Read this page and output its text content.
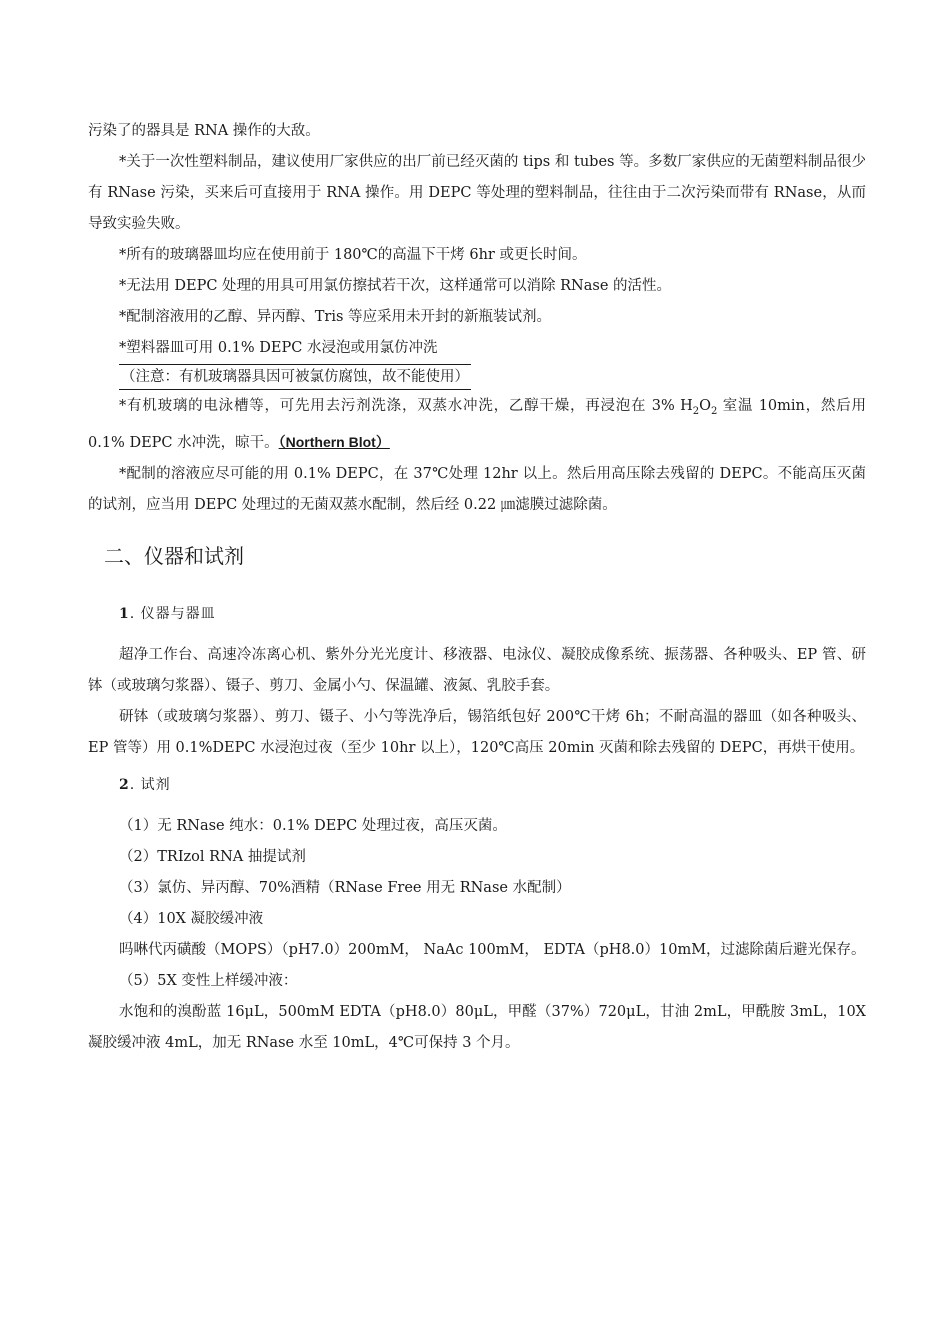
污染了的器具是 RNA 操作的大敌。

*关于一次性塑料制品，建议使用厂家供应的出厂前已经灭菌的 tips 和 tubes 等。多数厂家供应的无菌塑料制品很少有 RNase 污染，买来后可直接用于 RNA 操作。用 DEPC 等处理的塑料制品，往往由于二次污染而带有 RNase，从而导致实验失败。

*所有的玻璃器皿均应在使用前于 180℃的高温下干烤 6hr 或更长时间。

*无法用 DEPC 处理的用具可用氯仿擦拭若干次，这样通常可以消除 RNase 的活性。

*配制溶液用的乙醇、异丙醇、Tris 等应采用未开封的新瓶装试剂。

*塑料器皿可用 0.1% DEPC 水浸泡或用氯仿冲洗

（注意：有机玻璃器具因可被氯仿腐蚀，故不能使用）

*有机玻璃的电泳槽等，可先用去污剂洗涤，双蒸水冲洗，乙醇干燥，再浸泡在 3% $H_2O_2$ 室温 10min，然后用 0.1% DEPC 水冲洗，晾干。（Northern Blot）

*配制的溶液应尽可能的用 0.1% DEPC，在 37℃处理 12hr 以上。然后用高压除去残留的 DEPC。不能高压灭菌的试剂，应当用 DEPC 处理过的无菌双蒸水配制，然后经 0.22 ㎛滤膜过滤除菌。

二、仪器和试剂
1. 仪器与器皿

超净工作台、高速冷冻离心机、紫外分光光度计、移液器、电泳仪、凝胶成像系统、振荡器、各种吸头、EP 管、研钵（或玻璃匀浆器）、镊子、剪刀、金属小勺、保温罐、液氮、乳胶手套。

研钵（或玻璃匀浆器）、剪刀、镊子、小勺等洗净后，锡箔纸包好 200℃干烤 6h；不耐高温的器皿（如各种吸头、EP 管等）用 0.1%DEPC 水浸泡过夜（至少 10hr 以上），120℃高压 20min 灭菌和除去残留的 DEPC，再烘干使用。

2. 试剂

（1）无 RNase 纯水：0.1% DEPC 处理过夜，高压灭菌。

（2）TRIzol RNA 抽提试剂

（3）氯仿、异丙醇、70%酒精（RNase Free 用无 RNase 水配制）

（4）10X 凝胶缓冲液

吗啉代丙磺酸（MOPS）（pH7.0）200mM， NaAc 100mM， EDTA（pH8.0）10mM，过滤除菌后避光保存。

（5）5X 变性上样缓冲液：

水饱和的溴酚蓝 16μL，500mM EDTA（pH8.0）80μL，甲醛（37%）720μL，甘油 2mL，甲酰胺 3mL，10X 凝胶缓冲液 4mL，加无 RNase 水至 10mL，4℃可保持 3 个月。
